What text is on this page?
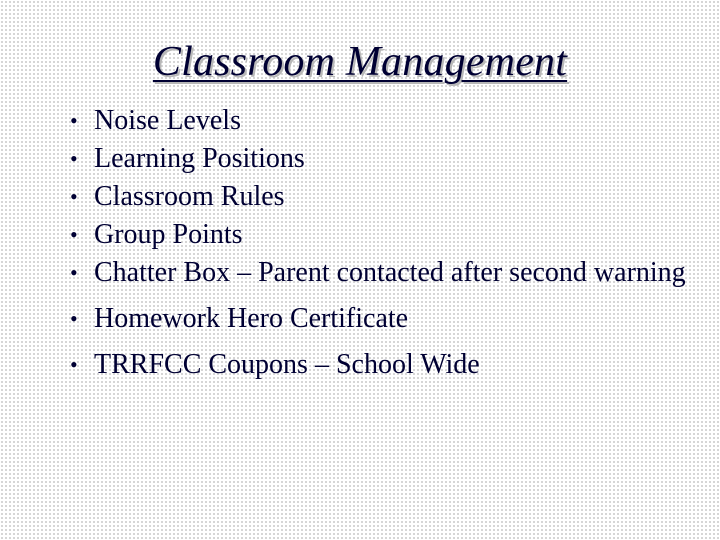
Classroom Management
• Noise Levels
• Learning Positions
• Classroom Rules
• Group Points
• Chatter Box – Parent contacted after second warning
• Homework Hero Certificate
• TRRFCC Coupons – School Wide
